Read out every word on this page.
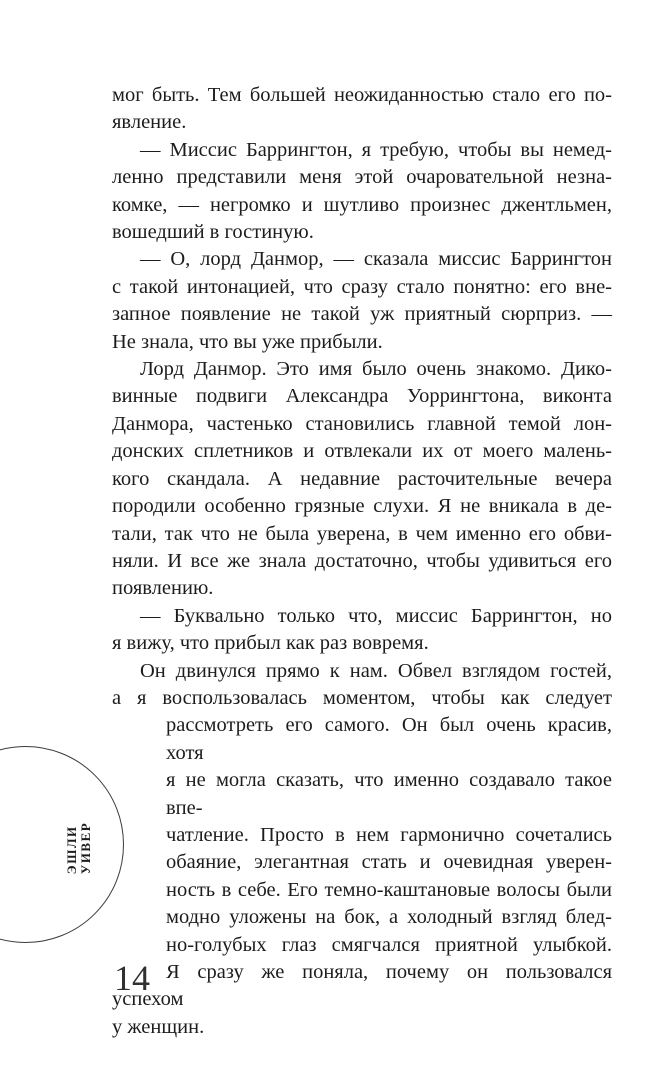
ЭШЛИ УИВЕР
мог быть. Тем большей неожиданностью стало его по-
явление.
— Миссис Баррингтон, я требую, чтобы вы немед-
ленно представили меня этой очаровательной незна-
комке, — негромко и шутливо произнес джентльмен,
вошедший в гостиную.
— О, лорд Данмор, — сказала миссис Баррингтон
с такой интонацией, что сразу стало понятно: его вне-
запное появление не такой уж приятный сюрприз. —
Не знала, что вы уже прибыли.
Лорд Данмор. Это имя было очень знакомо. Дико-
винные подвиги Александра Уоррингтона, виконта
Данмора, частенько становились главной темой лон-
донских сплетников и отвлекали их от моего малень-
кого скандала. А недавние расточительные вечера
породили особенно грязные слухи. Я не вникала в де-
тали, так что не была уверена, в чем именно его обви-
няли. И все же знала достаточно, чтобы удивиться его
появлению.
— Буквально только что, миссис Баррингтон, но
я вижу, что прибыл как раз вовремя.
Он двинулся прямо к нам. Обвел взглядом гостей,
а я воспользовалась моментом, чтобы как следует
рассмотреть его самого. Он был очень красив, хотя
я не могла сказать, что именно создавало такое впе-
чатление. Просто в нем гармонично сочетались
обаяние, элегантная стать и очевидная уверен-
ность в себе. Его темно-каштановые волосы были
модно уложены на бок, а холодный взгляд блед-
но-голубых глаз смягчался приятной улыбкой.
Я сразу же поняла, почему он пользовался успехом
у женщин.
14
